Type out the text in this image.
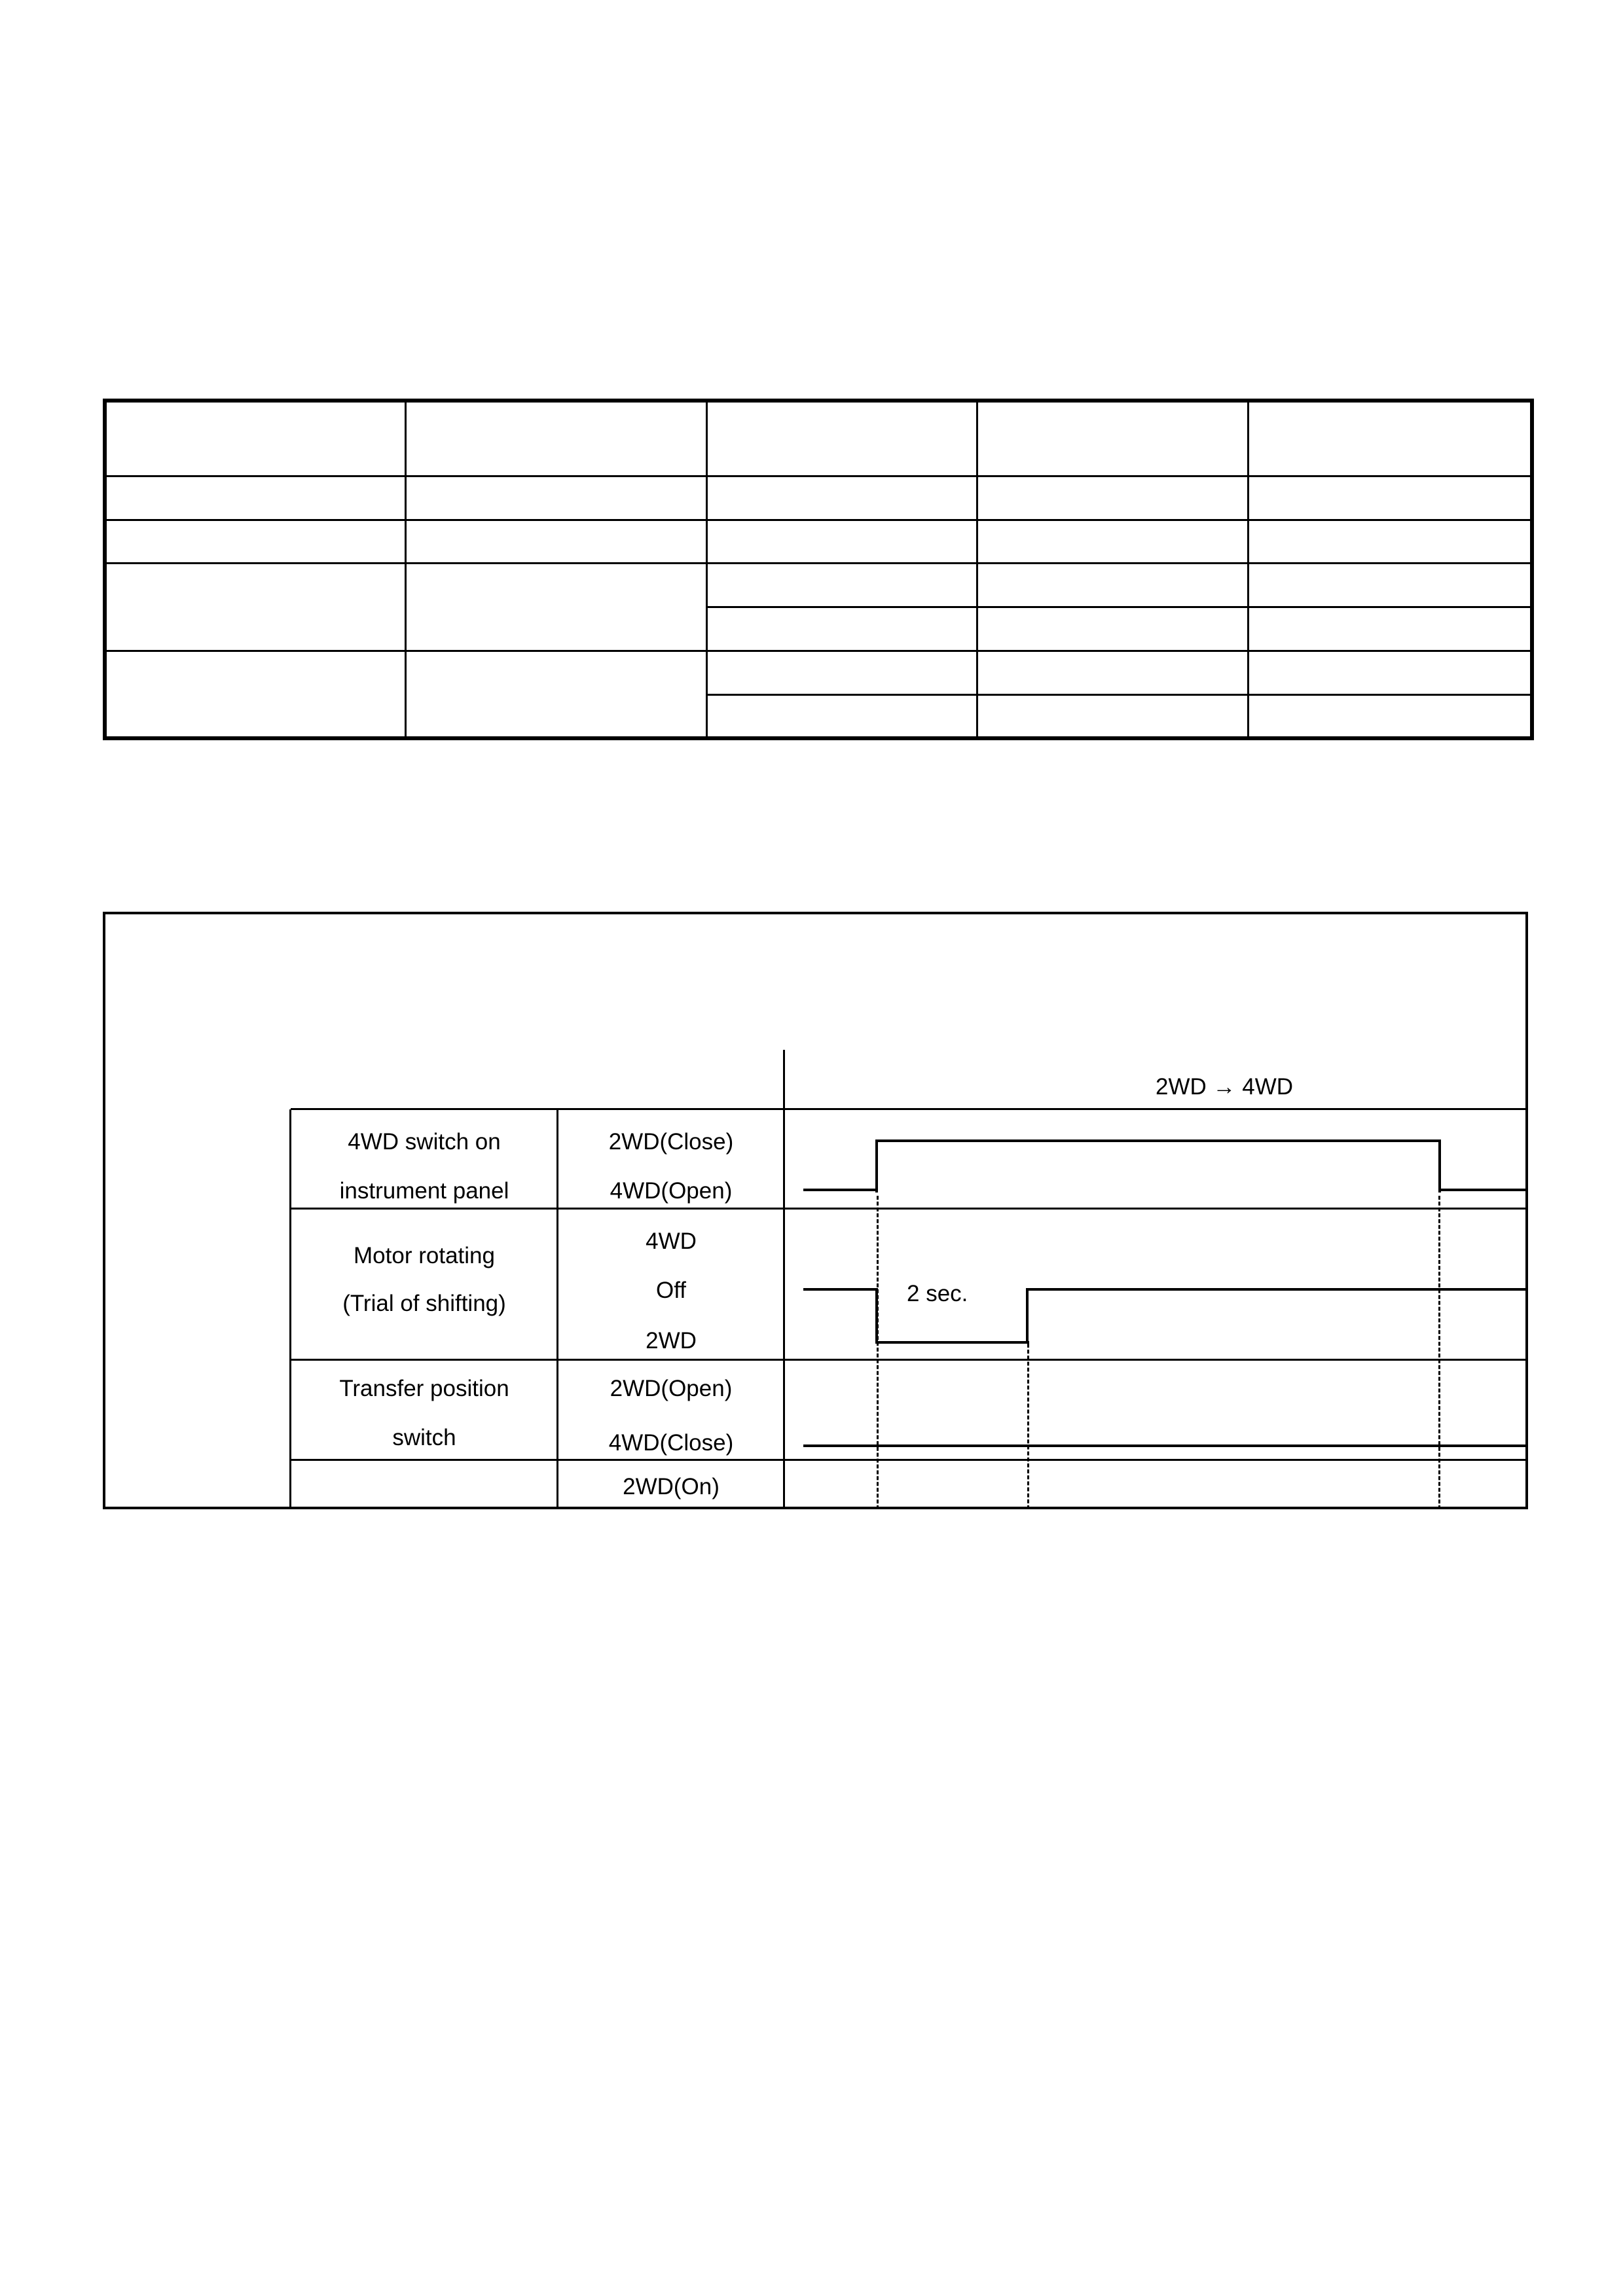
2WD → 4WD
4WD switch on
instrument panel
2WD(Close)
4WD(Open)
Motor rotating
(Trial of shifting)
4WD
Off
2WD
Transfer position
switch
2WD(Open)
4WD(Close)
2WD(On)
2 sec.
